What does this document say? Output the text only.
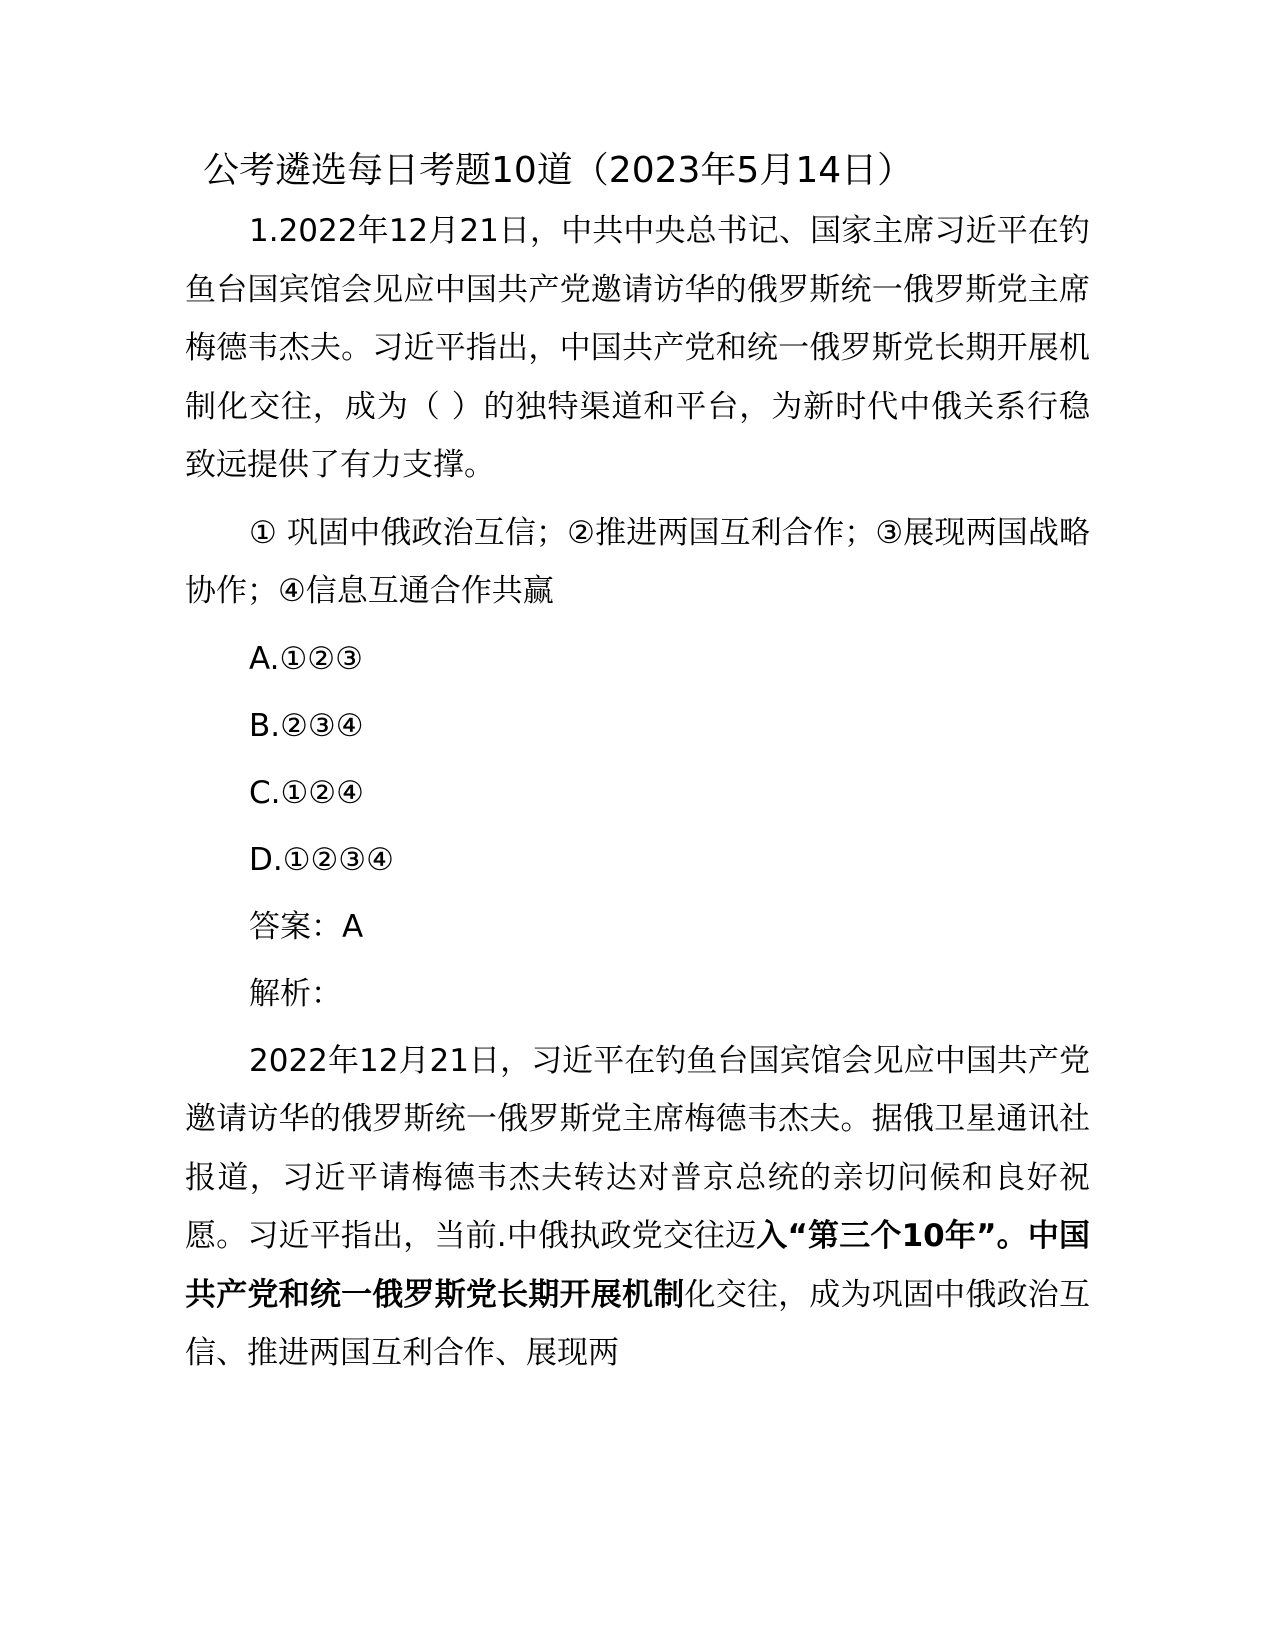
公考遴选每日考题10道（2023年5月14日）

1.2022年12月21日，中共中央总书记、国家主席习近平在钓鱼台国宾馆会见应中国共产党邀请访华的俄罗斯统一俄罗斯党主席梅德韦杰夫。习近平指出，中国共产党和统一俄罗斯党长期开展机制化交往，成为（ ）的独特渠道和平台，为新时代中俄关系行稳致远提供了有力支撑。

① 巩固中俄政治互信；②推进两国互利合作；③展现两国战略协作；④信息互通合作共赢

A.①②③

B.②③④

C.①②④

D.①②③④

答案：A

解析：

2022年12月21日，习近平在钓鱼台国宾馆会见应中国共产党邀请访华的俄罗斯统一俄罗斯党主席梅德韦杰夫。据俄卫星通讯社报道，习近平请梅德韦杰夫转达对普京总统的亲切问候和良好祝愿。习近平指出，当前.中俄执政党交往迈入“第三个10年”。中国共产党和统一俄罗斯党长期开展机制化交往，成为巩固中俄政治互信、推进两国互利合作、展现两
